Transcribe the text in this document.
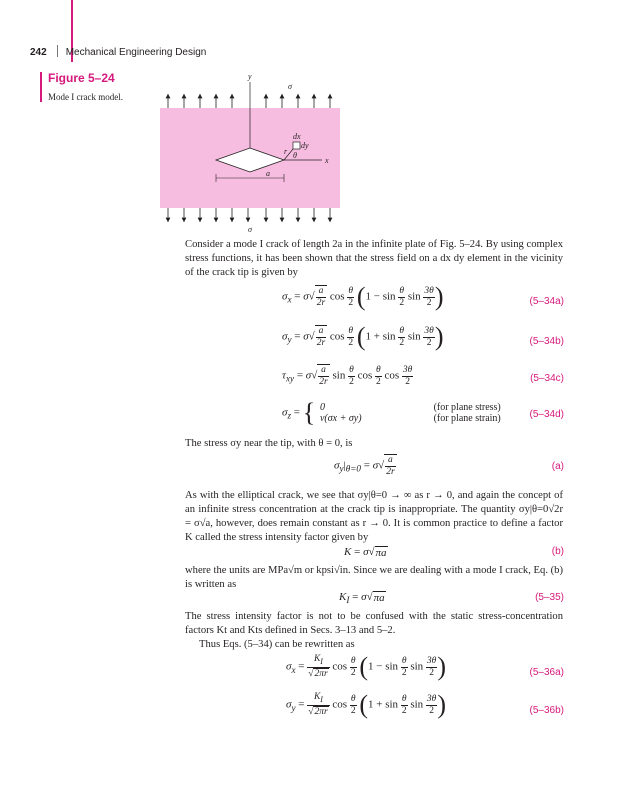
242 Mechanical Engineering Design
Figure 5–24
Mode I crack model.
y
σ
x
dx
dy
r θ
a
σ
Consider a mode I crack of length 2a in the infinite plate of Fig. 5–24. By using complex stress functions, it has been shown that the stress field on a dx dy element in the vicinity of the crack tip is given by
$\sigma_x = \sigma√ \frac{a}{2r}$ $\cos \frac{\theta}{2} (1 - \sin \frac{\theta}{2}$ $\sin \frac{3\theta}{2}$ )	(5–34a)
$\sigma_y = \sigma√ \frac{a}{2r}$ $\cos \frac{\theta}{2} (1 + \sin \frac{\theta}{2}$ $\sin \frac{3\theta}{2}$ )	(5–34b)
$\tau_{xy} = \sigma√ \frac{a}{2r}$ $\sin \frac{\theta}{2}$ $\cos \frac{\theta}{2}$ $\cos \frac{3\theta}{2}$	(5–34c)
$\sigma_z$ = { 0	(for plane stress)
ν(σx + σy)	(for plane strain)	(5–34d)
The stress σy near the tip, with θ = 0, is
$\sigma_y|_{\theta=0} = \sigma√ \frac{a}{2r}$	(a)
As with the elliptical crack, we see that σy|θ=0 → ∞ as r → 0, and again the concept of an infinite stress concentration at the crack tip is inappropriate. The quantity σy|θ=0√2r = σ√a, however, does remain constant as r → 0. It is common practice to define a factor K called the stress intensity factor given by
K = σ√πa	(b)
where the units are MPa√m or kpsi√in. Since we are dealing with a mode I crack, Eq. (b) is written as
$K_I = \sigma√\pi a$	(5–35)
The stress intensity factor is not to be confused with the static stress-concentration factors Kt and Kts defined in Secs. 3–13 and 5–2.
Thus Eqs. (5–34) can be rewritten as
$\sigma_x = \frac{K_I}{√2\pi r}$ $\cos \frac{\theta}{2} (1 - \sin \frac{\theta}{2}$ $\sin \frac{3\theta}{2}$ )	(5–36a)
$\sigma_y = \frac{K_I}{√2\pi r}$ $\cos \frac{\theta}{2} (1 + \sin \frac{\theta}{2}$ $\sin \frac{3\theta}{2}$ )	(5–36b)
